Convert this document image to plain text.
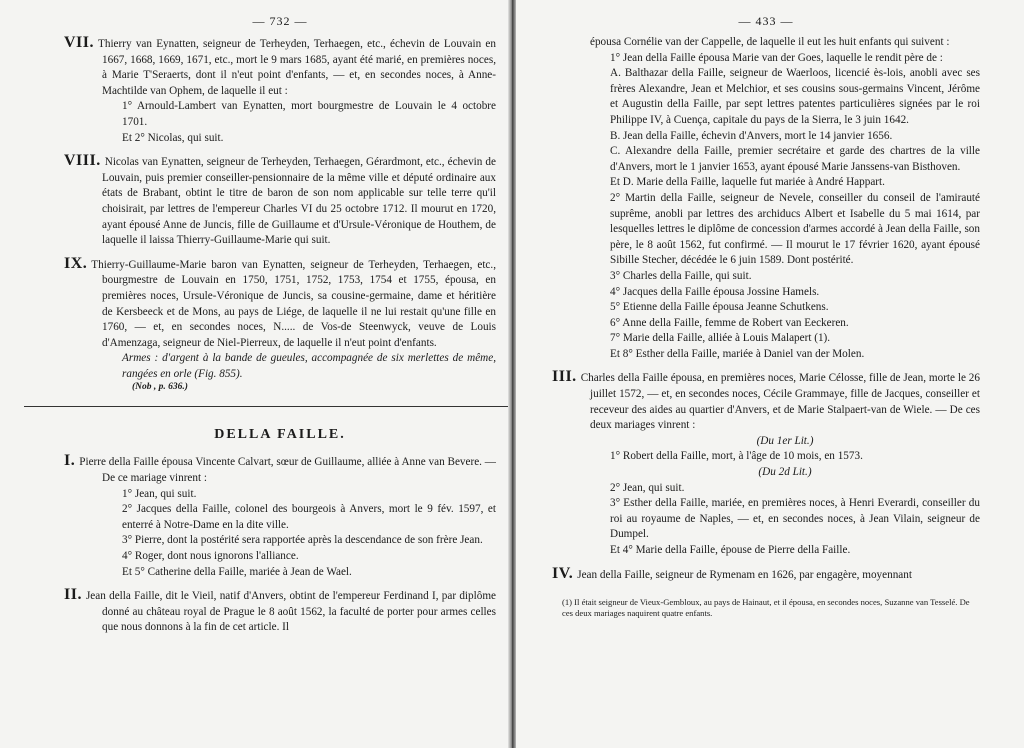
— 732 —

VII. Thierry van Eynatten, seigneur de Terheyden, Terhaegen, etc., échevin de Louvain en 1667, 1668, 1669, 1671, etc., mort le 9 mars 1685, ayant été marié, en premières noces, à Marie T'Seraerts, dont il n'eut point d'enfants, — et, en secondes noces, à Anne-Machtilde van Ophem, de laquelle il eut :

1° Arnould-Lambert van Eynatten, mort bourgmestre de Louvain le 4 octobre 1701.

Et 2° Nicolas, qui suit.

VIII. Nicolas van Eynatten, seigneur de Terheyden, Terhaegen, Gérardmont, etc., échevin de Louvain, puis premier conseiller-pensionnaire de la même ville et député ordinaire aux états de Brabant, obtint le titre de baron de son nom applicable sur telle terre qu'il choisirait, par lettres de l'empereur Charles VI du 25 octobre 1712. Il mourut en 1720, ayant épousé Anne de Juncis, fille de Guillaume et d'Ursule-Véronique de Houthem, de laquelle il laissa Thierry-Guillaume-Marie qui suit.

IX. Thierry-Guillaume-Marie baron van Eynatten, seigneur de Terheyden, Terhaegen, etc., bourgmestre de Louvain en 1750, 1751, 1752, 1753, 1754 et 1755, épousa, en premières noces, Ursule-Véronique de Juncis, sa cousine-germaine, dame et héritière de Kersbeeck et de Mons, au pays de Liége, de laquelle il ne lui restait qu'une fille en 1760, — et, en secondes noces, N..... de Vos-de Steenwyck, veuve de Louis d'Amenzaga, seigneur de Niel-Pierreux, de laquelle il n'eut point d'enfants.

Armes : d'argent à la bande de gueules, accompagnée de six merlettes de même, rangées en orle (Fig. 855).

(Nob , p. 636.)
DELLA FAILLE.

I. Pierre della Faille épousa Vincente Calvart, sœur de Guillaume, alliée à Anne van Bevere. — De ce mariage vinrent :

1° Jean, qui suit.

2° Jacques della Faille, colonel des bourgeois à Anvers, mort le 9 fév. 1597, et enterré à Notre-Dame en la dite ville.

3° Pierre, dont la postérité sera rapportée après la descendance de son frère Jean.

4° Roger, dont nous ignorons l'alliance.

Et 5° Catherine della Faille, mariée à Jean de Wael.

II. Jean della Faille, dit le Vieil, natif d'Anvers, obtint de l'empereur Ferdinand I, par diplôme donné au château royal de Prague le 8 août 1562, la faculté de porter pour armes celles que nous donnons à la fin de cet article. Il

— 433 —

épousa Cornélie van der Cappelle, de laquelle il eut les huit enfants qui suivent :

1° Jean della Faille épousa Marie van der Goes, laquelle le rendit père de :

A. Balthazar della Faille, seigneur de Waerloos, licencié ès-lois, anobli avec ses frères Alexandre, Jean et Melchior, et ses cousins sous-germains Vincent, Jérôme et Augustin della Faille, par sept lettres patentes particulières signées par le roi Philippe IV, à Cuença, capitale du pays de la Sierra, le 3 juin 1642.

B. Jean della Faille, échevin d'Anvers, mort le 14 janvier 1656.

C. Alexandre della Faille, premier secrétaire et garde des chartres de la ville d'Anvers, mort le 1 janvier 1653, ayant épousé Marie Janssens-van Bisthoven.

Et D. Marie della Faille, laquelle fut mariée à André Happart.

2° Martin della Faille, seigneur de Nevele, conseiller du conseil de l'amirauté suprême, anobli par lettres des archiducs Albert et Isabelle du 5 mai 1614, par lesquelles lettres le diplôme de concession d'armes accordé à Jean della Faille, son père, le 8 août 1562, fut confirmé. — Il mourut le 17 février 1620, ayant épousé Sibille Stecher, décédée le 6 juin 1589. Dont postérité.

3° Charles della Faille, qui suit.

4° Jacques della Faille épousa Jossine Hamels.

5° Etienne della Faille épousa Jeanne Schutkens.

6° Anne della Faille, femme de Robert van Eeckeren.

7° Marie della Faille, alliée à Louis Malapert (1).

Et 8° Esther della Faille, mariée à Daniel van der Molen.

III. Charles della Faille épousa, en premières noces, Marie Célosse, fille de Jean, morte le 26 juillet 1572, — et, en secondes noces, Cécile Grammaye, fille de Jacques, conseiller et receveur des aides au quartier d'Anvers, et de Marie Stalpaert-van de Wiele. — De ces deux mariages vinrent :

(Du 1er Lit.)

1° Robert della Faille, mort, à l'âge de 10 mois, en 1573.

(Du 2d Lit.)

2° Jean, qui suit.

3° Esther della Faille, mariée, en premières noces, à Henri Everardi, conseiller du roi au royaume de Naples, — et, en secondes noces, à Jean Vilain, seigneur de Dumpel.

Et 4° Marie della Faille, épouse de Pierre della Faille.

IV. Jean della Faille, seigneur de Rymenam en 1626, par engagère, moyennant

(1) Il était seigneur de Vieux-Gembloux, au pays de Hainaut, et il épousa, en secondes noces, Suzanne van Tesselé. De ces deux mariages naquirent quatre enfants.
